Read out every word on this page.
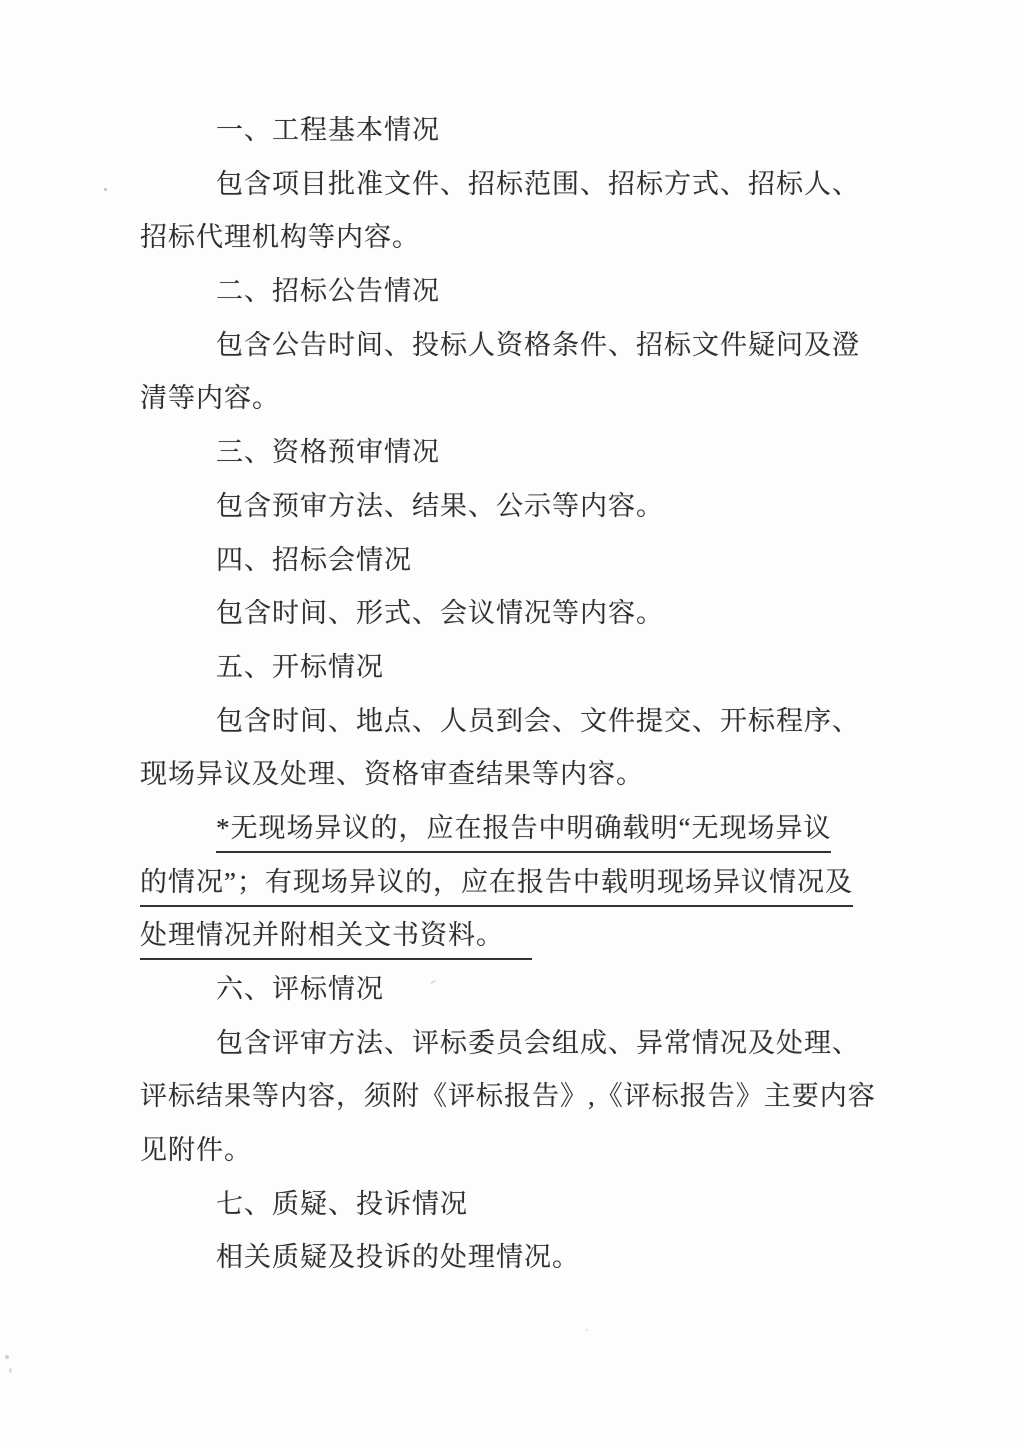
一、工程基本情况
包含项目批准文件、招标范围、招标方式、招标人、
招标代理机构等内容。
二、招标公告情况
包含公告时间、投标人资格条件、招标文件疑问及澄
清等内容。
三、资格预审情况
包含预审方法、结果、公示等内容。
四、招标会情况
包含时间、形式、会议情况等内容。
五、开标情况
包含时间、地点、人员到会、文件提交、开标程序、
现场异议及处理、资格审查结果等内容。
*无现场异议的，应在报告中明确载明“无现场异议
的情况”；有现场异议的，应在报告中载明现场异议情况及
处理情况并附相关文书资料。
六、评标情况
包含评审方法、评标委员会组成、异常情况及处理、
评标结果等内容，须附《评标报告》,《评标报告》主要内容
见附件。
七、质疑、投诉情况
相关质疑及投诉的处理情况。
